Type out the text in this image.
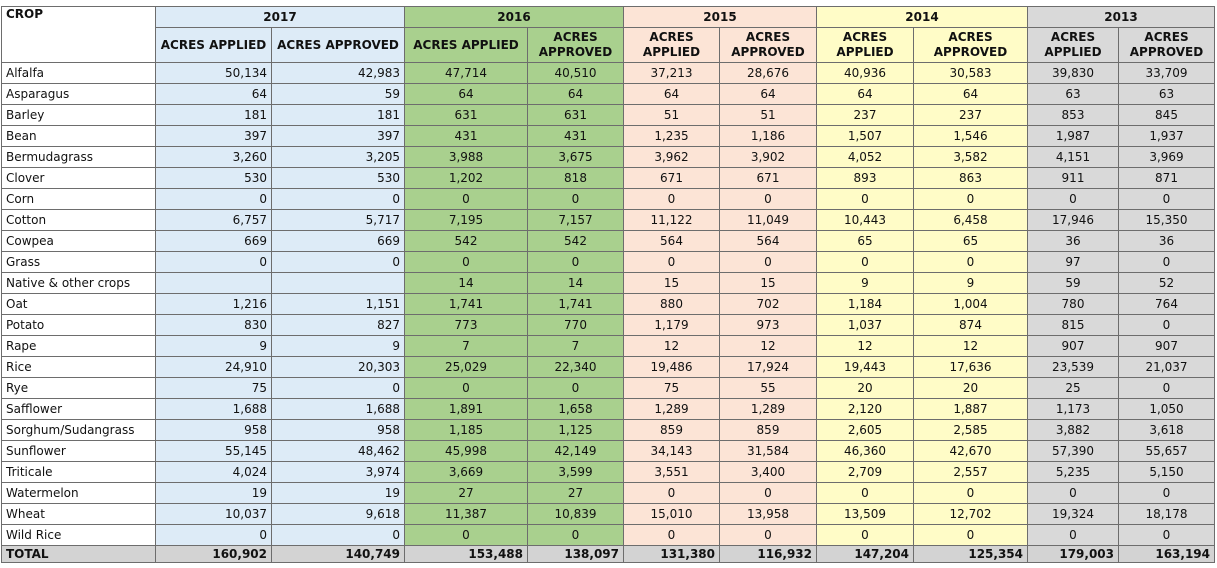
CROP	2017		2016		2015		2014		2013	
	ACRES APPLIED	ACRES APPROVED	ACRES APPLIED	ACRES APPROVED	ACRES APPLIED	ACRES APPROVED	ACRES APPLIED	ACRES APPROVED	ACRES APPLIED	ACRES APPROVED
Alfalfa	50,134	42,983	47,714	40,510	37,213	28,676	40,936	30,583	39,830	33,709
Asparagus	64	59	64	64	64	64	64	64	63	63
Barley	181	181	631	631	51	51	237	237	853	845
Bean	397	397	431	431	1,235	1,186	1,507	1,546	1,987	1,937
Bermudagrass	3,260	3,205	3,988	3,675	3,962	3,902	4,052	3,582	4,151	3,969
Clover	530	530	1,202	818	671	671	893	863	911	871
Corn	0	0	0	0	0	0	0	0	0	0
Cotton	6,757	5,717	7,195	7,157	11,122	11,049	10,443	6,458	17,946	15,350
Cowpea	669	669	542	542	564	564	65	65	36	36
Grass	0	0	0	0	0	0	0	0	97	0
Native & other crops			14	14	15	15	9	9	59	52
Oat	1,216	1,151	1,741	1,741	880	702	1,184	1,004	780	764
Potato	830	827	773	770	1,179	973	1,037	874	815	0
Rape	9	9	7	7	12	12	12	12	907	907
Rice	24,910	20,303	25,029	22,340	19,486	17,924	19,443	17,636	23,539	21,037
Rye	75	0	0	0	75	55	20	20	25	0
Safflower	1,688	1,688	1,891	1,658	1,289	1,289	2,120	1,887	1,173	1,050
Sorghum/Sudangrass	958	958	1,185	1,125	859	859	2,605	2,585	3,882	3,618
Sunflower	55,145	48,462	45,998	42,149	34,143	31,584	46,360	42,670	57,390	55,657
Triticale	4,024	3,974	3,669	3,599	3,551	3,400	2,709	2,557	5,235	5,150
Watermelon	19	19	27	27	0	0	0	0	0	0
Wheat	10,037	9,618	11,387	10,839	15,010	13,958	13,509	12,702	19,324	18,178
Wild Rice	0	0	0	0	0	0	0	0	0	0
TOTAL	160,902	140,749	153,488	138,097	131,380	116,932	147,204	125,354	179,003	163,194
